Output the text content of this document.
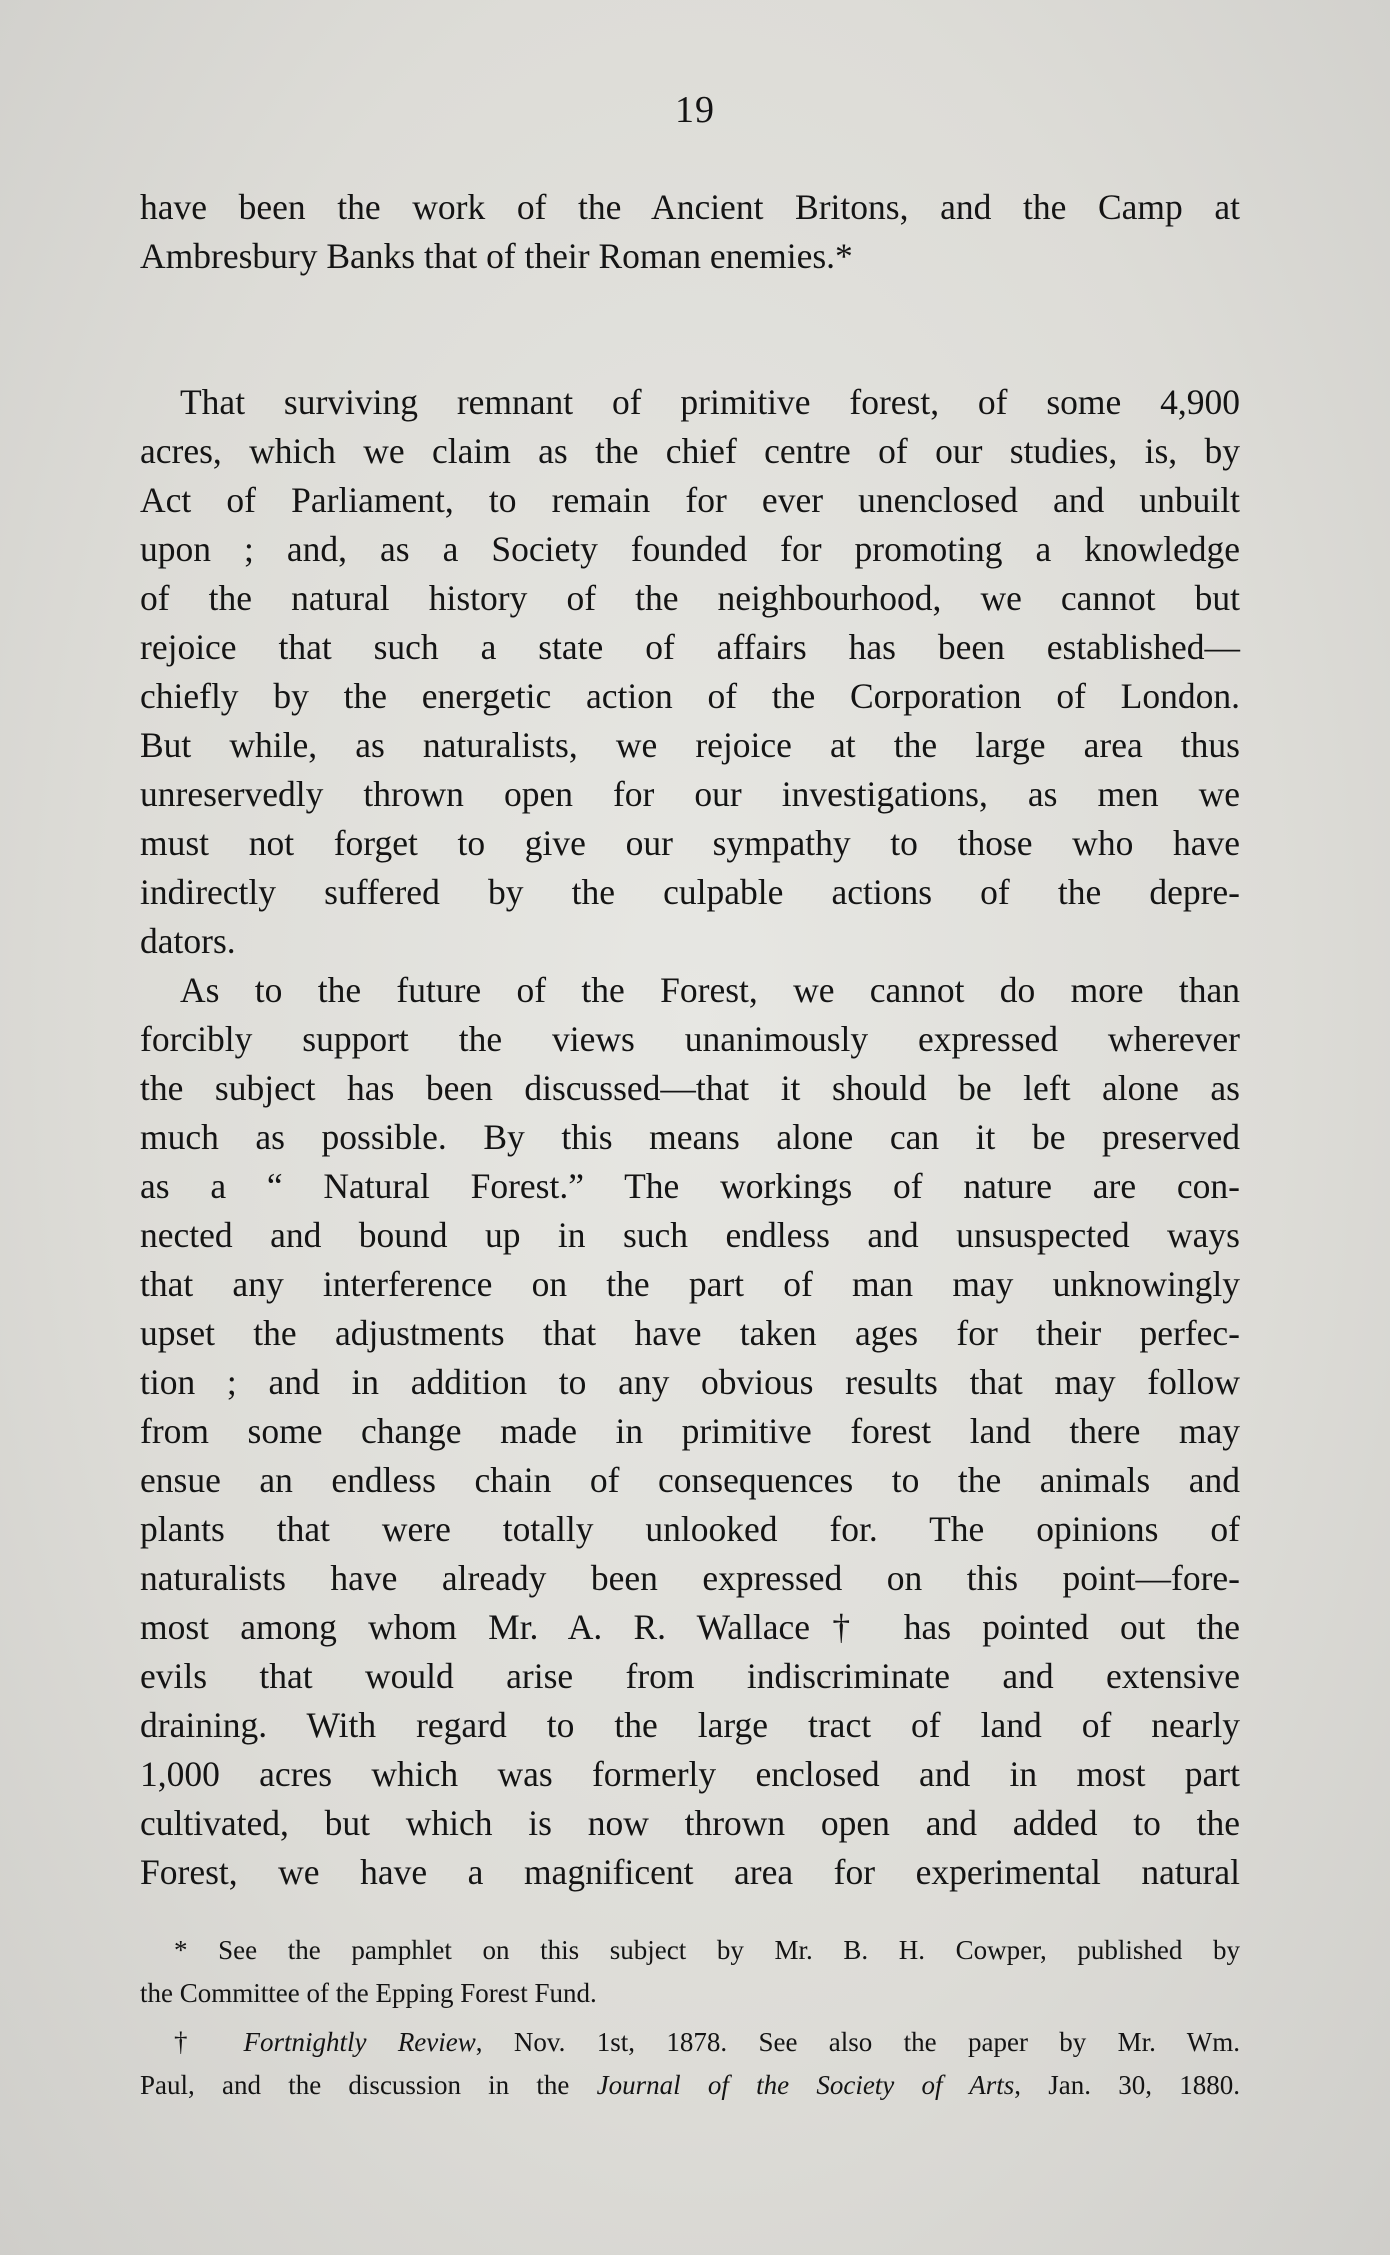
19
have been the work of the Ancient Britons, and the Camp at
Ambresbury Banks that of their Roman enemies.*
That surviving remnant of primitive forest, of some 4,900
acres, which we claim as the chief centre of our studies, is, by
Act of Parliament, to remain for ever unenclosed and unbuilt
upon ; and, as a Society founded for promoting a knowledge
of the natural history of the neighbourhood, we cannot but
rejoice that such a state of affairs has been established—
chiefly by the energetic action of the Corporation of London.
But while, as naturalists, we rejoice at the large area thus
unreservedly thrown open for our investigations, as men we
must not forget to give our sympathy to those who have
indirectly suffered by the culpable actions of the depre-
dators.
As to the future of the Forest, we cannot do more than
forcibly support the views unanimously expressed wherever
the subject has been discussed—that it should be left alone as
much as possible. By this means alone can it be preserved
as a “ Natural Forest.” The workings of nature are con-
nected and bound up in such endless and unsuspected ways
that any interference on the part of man may unknowingly
upset the adjustments that have taken ages for their perfec-
tion ; and in addition to any obvious results that may follow
from some change made in primitive forest land there may
ensue an endless chain of consequences to the animals and
plants that were totally unlooked for. The opinions of
naturalists have already been expressed on this point—fore-
most among whom Mr. A. R. Wallace† has pointed out the
evils that would arise from indiscriminate and extensive
draining. With regard to the large tract of land of nearly
1,000 acres which was formerly enclosed and in most part
cultivated, but which is now thrown open and added to the
Forest, we have a magnificent area for experimental natural
* See the pamphlet on this subject by Mr. B. H. Cowper, published by
the Committee of the Epping Forest Fund.
† Fortnightly Review, Nov. 1st, 1878. See also the paper by Mr. Wm.
Paul, and the discussion in the Journal of the Society of Arts, Jan. 30, 1880.
